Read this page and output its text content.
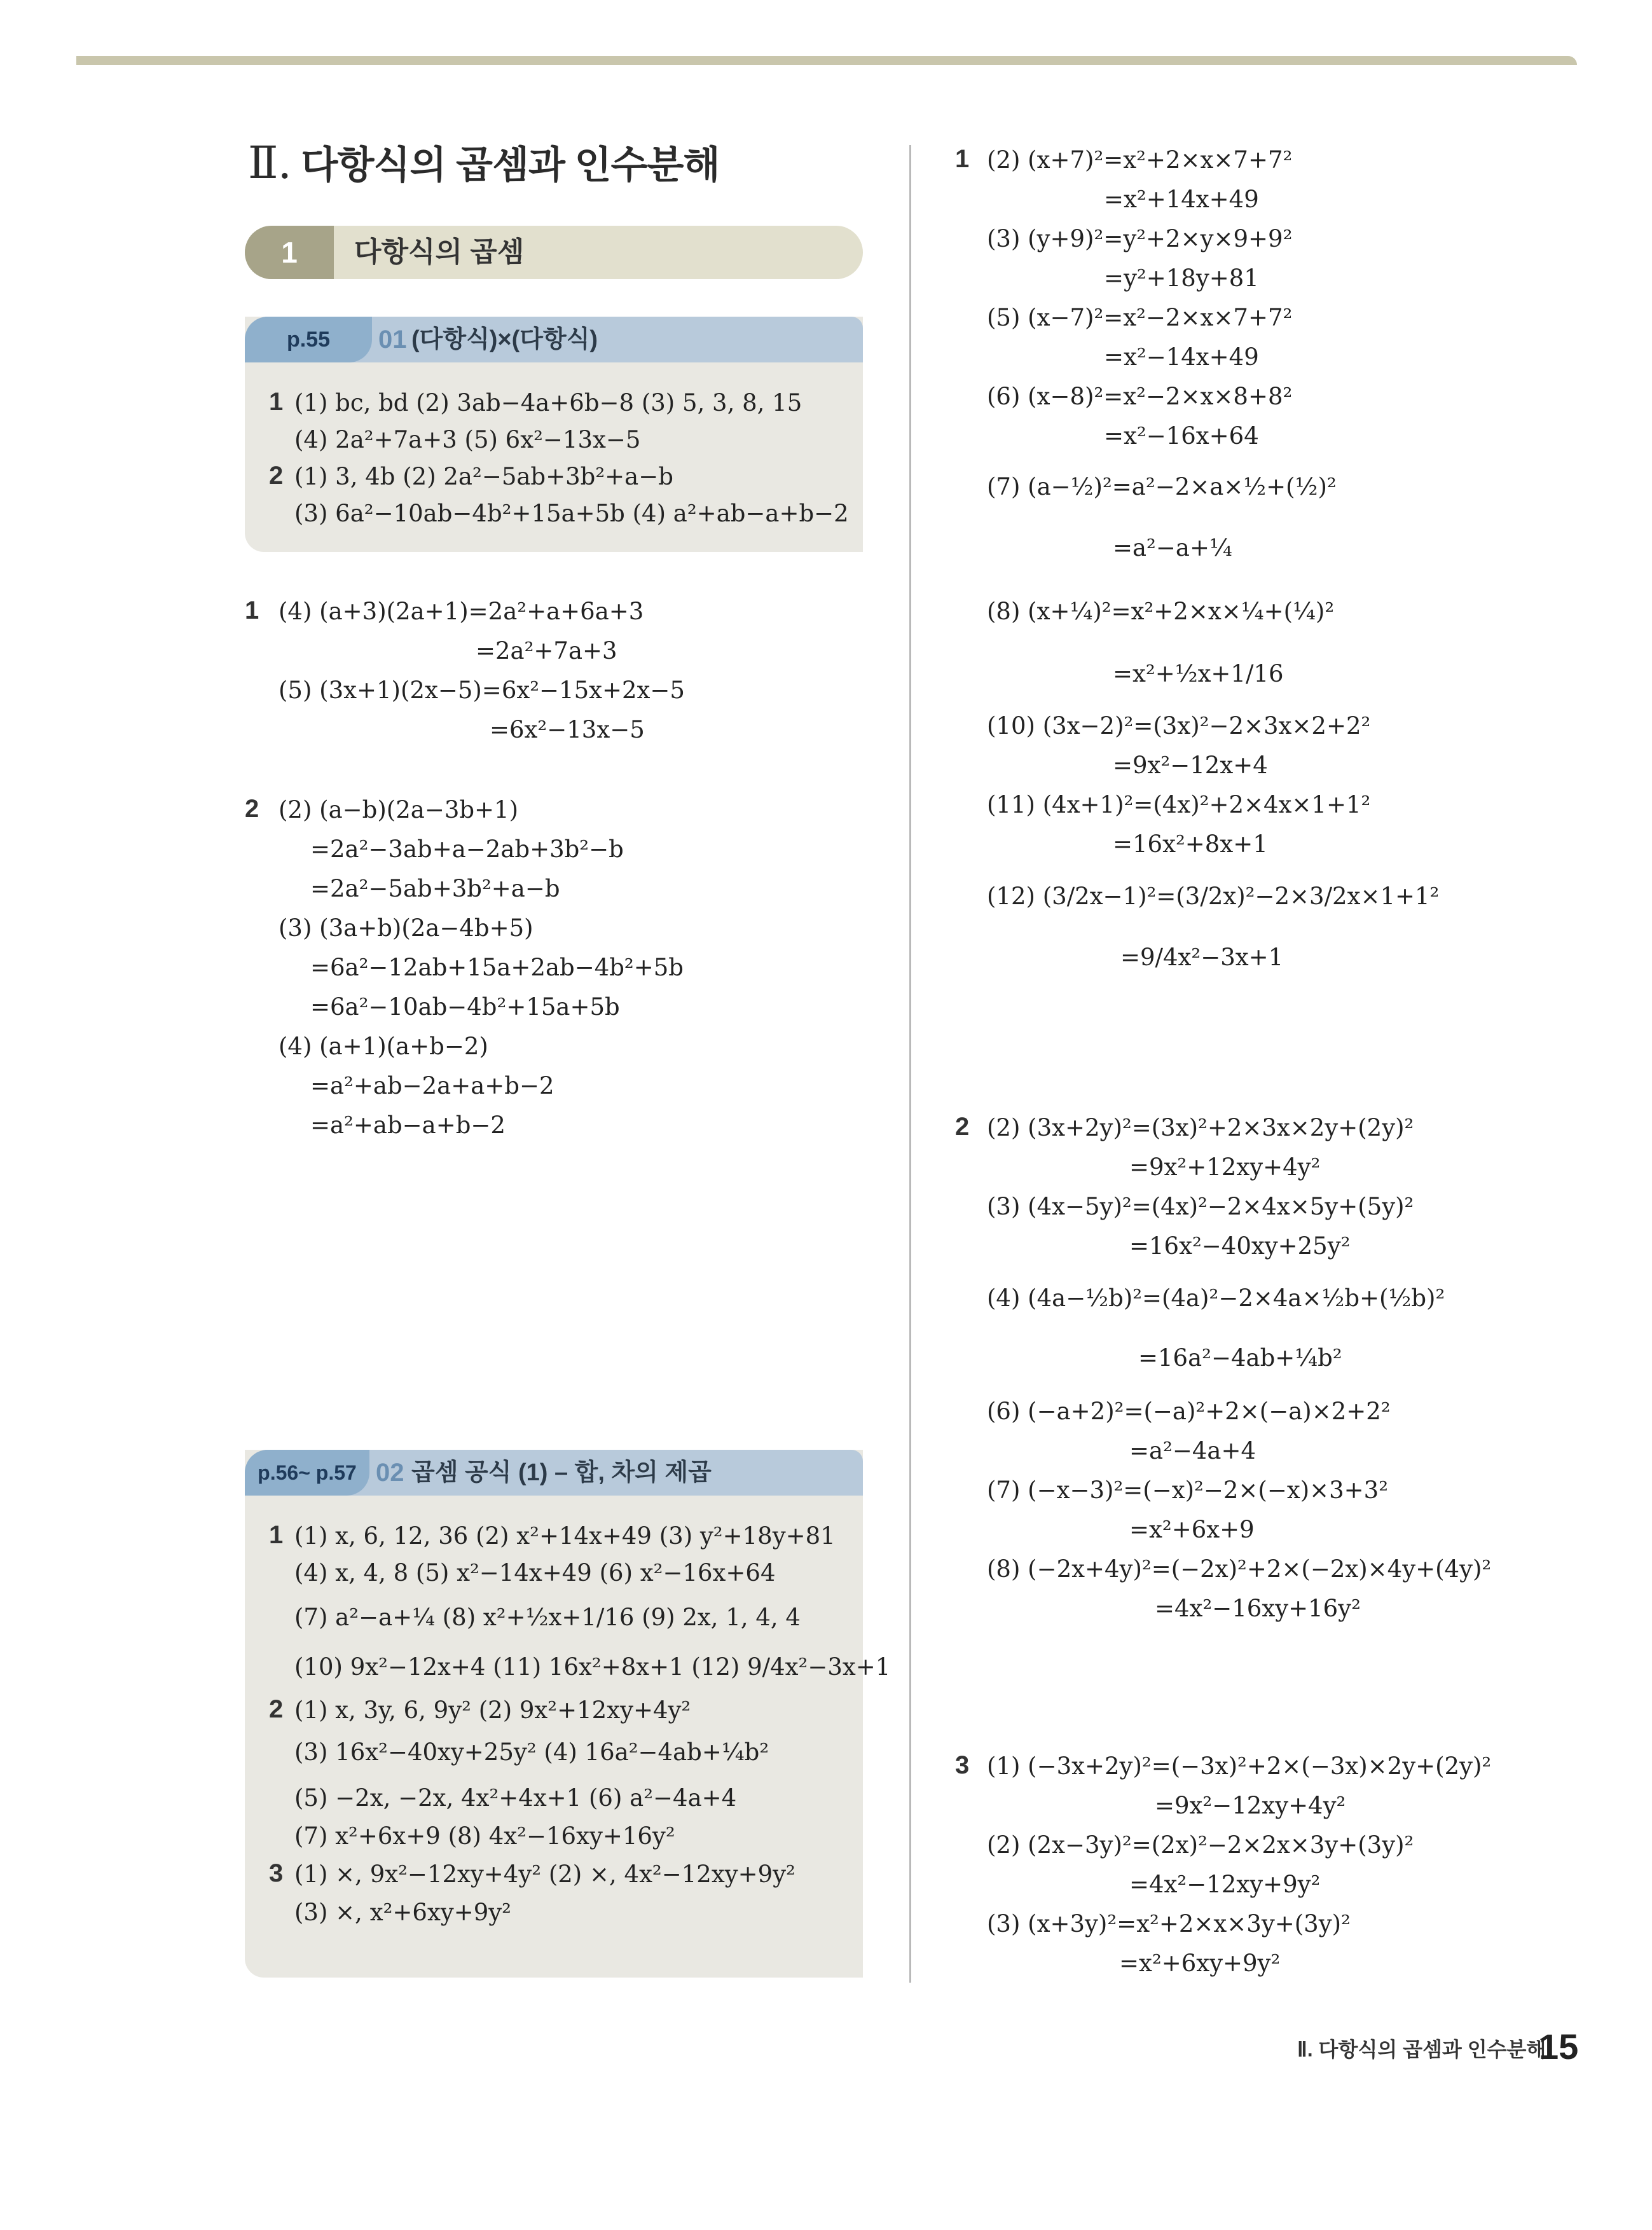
Ⅱ. 다항식의 곱셈과 인수분해
1	다항식의 곱셈
p.55	01 (다항식)×(다항식)
1 (1) bc, bd (2) 3ab−4a+6b−8 (3) 5, 3, 8, 15
(4) 2a²+7a+3 (5) 6x²−13x−5
2 (1) 3, 4b (2) 2a²−5ab+3b²+a−b
(3) 6a²−10ab−4b²+15a+5b (4) a²+ab−a+b−2
1 (4) (a+3)(2a+1)=2a²+a+6a+3
=2a²+7a+3
(5) (3x+1)(2x−5)=6x²−15x+2x−5
=6x²−13x−5
2 (2) (a−b)(2a−3b+1)
=2a²−3ab+a−2ab+3b²−b
=2a²−5ab+3b²+a−b
(3) (3a+b)(2a−4b+5)
=6a²−12ab+15a+2ab−4b²+5b
=6a²−10ab−4b²+15a+5b
(4) (a+1)(a+b−2)
=a²+ab−2a+a+b−2
=a²+ab−a+b−2
p.56~ p.57 02 곱셈 공식 (1) – 합, 차의 제곱
1 (1) x, 6, 12, 36 (2) x²+14x+49 (3) y²+18y+81
(4) x, 4, 8 (5) x²−14x+49 (6) x²−16x+64
(7) a²−a+¼ (8) x²+½x+1/16 (9) 2x, 1, 4, 4
(10) 9x²−12x+4 (11) 16x²+8x+1 (12) 9/4x²−3x+1
2 (1) x, 3y, 6, 9y² (2) 9x²+12xy+4y²
(3) 16x²−40xy+25y² (4) 16a²−4ab+¼b²
(5) −2x, −2x, 4x²+4x+1 (6) a²−4a+4
(7) x²+6x+9 (8) 4x²−16xy+16y²
3 (1) ×, 9x²−12xy+4y² (2) ×, 4x²−12xy+9y²
(3) ×, x²+6xy+9y²
1 (2) (x+7)²=x²+2×x×7+7²
=x²+14x+49
(3) (y+9)²=y²+2×y×9+9²
=y²+18y+81
(5) (x−7)²=x²−2×x×7+7²
=x²−14x+49
(6) (x−8)²=x²−2×x×8+8²
=x²−16x+64
(7) (a−½)²=a²−2×a×½+(½)²
=a²−a+¼
(8) (x+¼)²=x²+2×x×¼+(¼)²
=x²+½x+1/16
(10) (3x−2)²=(3x)²−2×3x×2+2²
=9x²−12x+4
(11) (4x+1)²=(4x)²+2×4x×1+1²
=16x²+8x+1
(12) (3/2x−1)²=(3/2x)²−2×3/2x×1+1²
=9/4x²−3x+1
2 (2) (3x+2y)²=(3x)²+2×3x×2y+(2y)²
=9x²+12xy+4y²
(3) (4x−5y)²=(4x)²−2×4x×5y+(5y)²
=16x²−40xy+25y²
(4) (4a−½b)²=(4a)²−2×4a×½b+(½b)²
=16a²−4ab+¼b²
(6) (−a+2)²=(−a)²+2×(−a)×2+2²
=a²−4a+4
(7) (−x−3)²=(−x)²−2×(−x)×3+3²
=x²+6x+9
(8) (−2x+4y)²=(−2x)²+2×(−2x)×4y+(4y)²
=4x²−16xy+16y²
3 (1) (−3x+2y)²=(−3x)²+2×(−3x)×2y+(2y)²
=9x²−12xy+4y²
(2) (2x−3y)²=(2x)²−2×2x×3y+(3y)²
=4x²−12xy+9y²
(3) (x+3y)²=x²+2×x×3y+(3y)²
=x²+6xy+9y²
Ⅱ. 다항식의 곱셈과 인수분해
15
